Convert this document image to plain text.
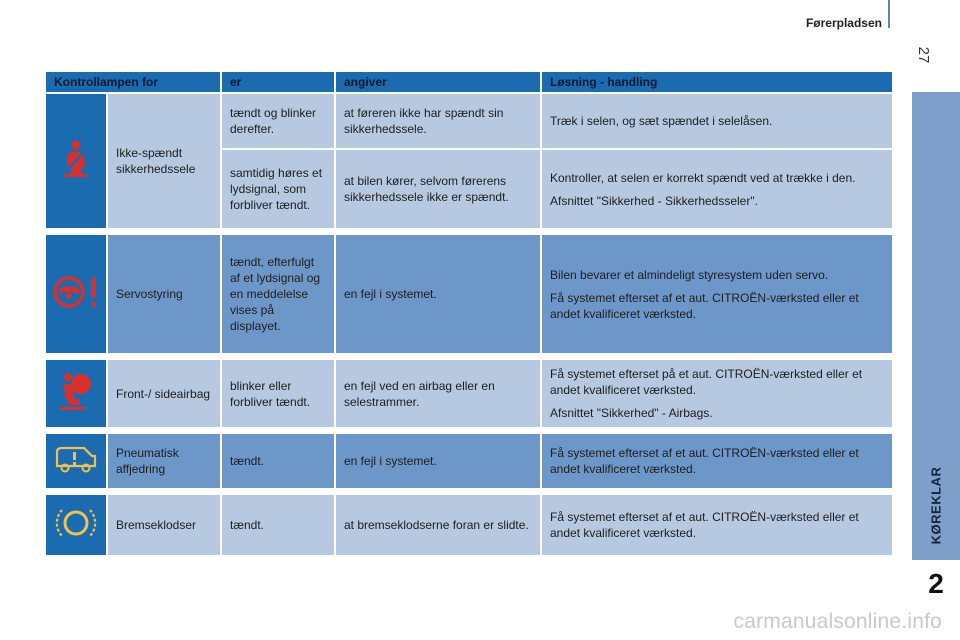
Førerpladsen
27
KØREKLAR
2
Kontrollampen for		er	angiver	Løsning - handling
	Ikke-spændt sikkerhedssele	tændt og blinker derefter.	at føreren ikke har spændt sin sikkerhedssele.	Træk i selen, og sæt spændet i selelåsen.

		samtidig høres et lydsignal, som forbliver tændt.	at bilen kører, selvom førerens sikkerhedssele ikke er spændt.	Kontroller, at selen er korrekt spændt ved at trække i den.

Afsnittet "Sikkerhed - Sikkerhedsseler".

	Servostyring	tændt, efterfulgt af et lydsignal og en meddelelse vises på displayet.	en fejl i systemet.	Bilen bevarer et almindeligt styresystem uden servo.

Få systemet efterset af et aut. CITROËN-værksted eller et andet kvalificeret værksted.

	Front-/ sideairbag	blinker eller forbliver tændt.	en fejl ved en airbag eller en selestrammer.	Få systemet efterset på et aut. CITROËN-værksted eller et andet kvalificeret værksted.

Afsnittet "Sikkerhed" - Airbags.

	Pneumatisk affjedring	tændt.	en fejl i systemet.	Få systemet efterset af et aut. CITROËN-værksted eller et andet kvalificeret værksted.

	Bremseklodser	tændt.	at bremseklodserne foran er slidte.	Få systemet efterset af et aut. CITROËN-værksted eller et andet kvalificeret værksted.

carmanualsonline.info
